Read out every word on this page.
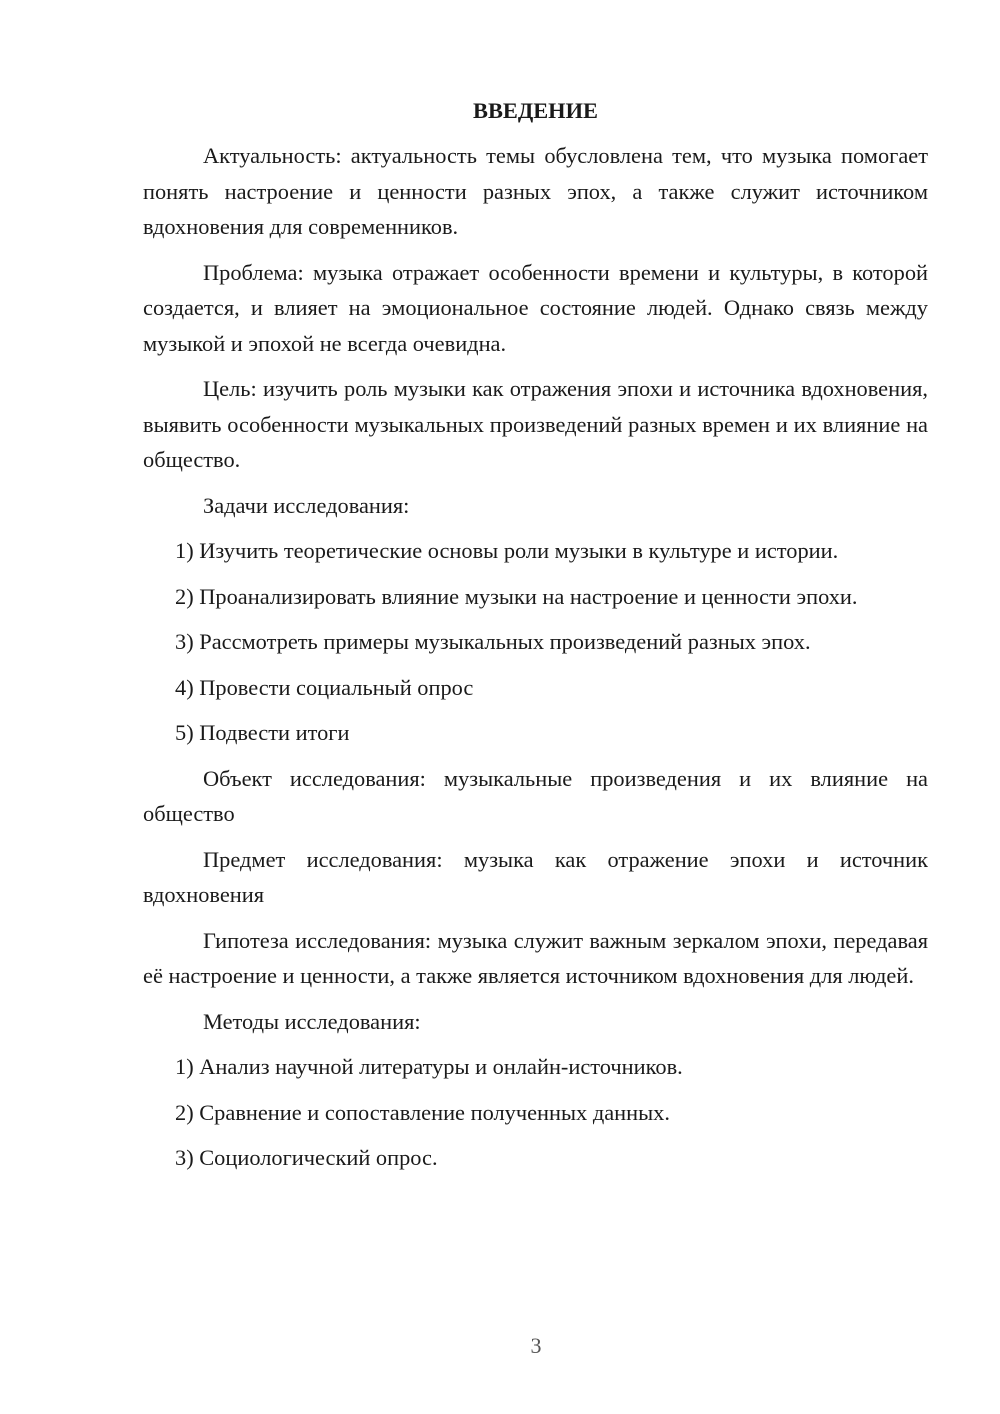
ВВЕДЕНИЕ

Актуальность: актуальность темы обусловлена тем, что музыка помогает понять настроение и ценности разных эпох, а также служит источником вдохновения для современников.

Проблема: музыка отражает особенности времени и культуры, в которой создается, и влияет на эмоциональное состояние людей. Однако связь между музыкой и эпохой не всегда очевидна.

Цель: изучить роль музыки как отражения эпохи и источника вдохновения, выявить особенности музыкальных произведений разных времен и их влияние на общество.

Задачи исследования:

1) Изучить теоретические основы роли музыки в культуре и истории.

2) Проанализировать влияние музыки на настроение и ценности эпохи.

3) Рассмотреть примеры музыкальных произведений разных эпох.

4) Провести социальный опрос

5) Подвести итоги

Объект исследования: музыкальные произведения и их влияние на общество

Предмет исследования: музыка как отражение эпохи и источник вдохновения

Гипотеза исследования: музыка служит важным зеркалом эпохи, передавая её настроение и ценности, а также является источником вдохновения для людей.

Методы исследования:

1) Анализ научной литературы и онлайн-источников.

2) Сравнение и сопоставление полученных данных.

3) Социологический опрос.

3
